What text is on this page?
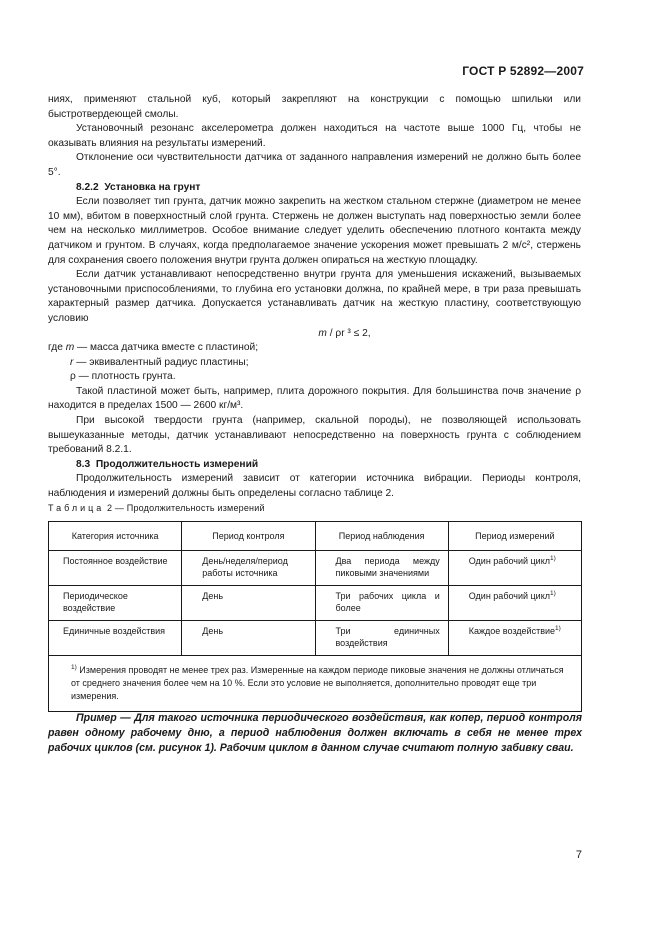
ГОСТ Р 52892—2007

ниях, применяют стальной куб, который закрепляют на конструкции с помощью шпильки или быстротвердеющей смолы.

Установочный резонанс акселерометра должен находиться на частоте выше 1000 Гц, чтобы не оказывать влияния на результаты измерений.

Отклонение оси чувствительности датчика от заданного направления измерений не должно быть более 5°.

8.2.2 Установка на грунт

Если позволяет тип грунта, датчик можно закрепить на жестком стальном стержне (диаметром не менее 10 мм), вбитом в поверхностный слой грунта. Стержень не должен выступать над поверхностью земли более чем на несколько миллиметров. Особое внимание следует уделить обеспечению плотного контакта между датчиком и грунтом. В случаях, когда предполагаемое значение ускорения может превышать 2 м/с², стержень для сохранения своего положения внутри грунта должен опираться на жесткую площадку.

Если датчик устанавливают непосредственно внутри грунта для уменьшения искажений, вызываемых установочными приспособлениями, то глубина его установки должна, по крайней мере, в три раза превышать характерный размер датчика. Допускается устанавливать датчик на жесткую пластину, соответствующую условию

m / ρr ³ ≤ 2,

где m — масса датчика вместе с пластиной;

r — эквивалентный радиус пластины;

ρ — плотность грунта.

Такой пластиной может быть, например, плита дорожного покрытия. Для большинства почв значение ρ находится в пределах 1500 — 2600 кг/м³.

При высокой твердости грунта (например, скальной породы), не позволяющей использовать вышеуказанные методы, датчик устанавливают непосредственно на поверхность грунта с соблюдением требований 8.2.1.

8.3 Продолжительность измерений

Продолжительность измерений зависит от категории источника вибрации. Периоды контроля, наблюдения и измерений должны быть определены согласно таблице 2.

Таблица 2 — Продолжительность измерений
Категория источника	Период контроля	Период наблюдения	Период измерений
Постоянное воздействие	День/неделя/период работы источника	Два периода между пиковыми значениями	Один рабочий цикл$^{1)}$
Периодическое воздействие	День	Три рабочих цикла и более	Один рабочий цикл$^{1)}$
Единичные воздействия	День	Три единичных воздействия	Каждое воздействие$^{1)}$
$^{1)}$ Измерения проводят не менее трех раз. Измеренные на каждом периоде пиковые значения не должны отличаться от среднего значения более чем на 10 %. Если это условие не выполняется, дополнительно проводят еще три измерения.			

Пример — Для такого источника периодического воздействия, как копер, период контроля равен одному рабочему дню, а период наблюдения должен включать в себя не менее трех рабочих циклов (см. рисунок 1). Рабочим циклом в данном случае считают полную забивку сваи.

7
